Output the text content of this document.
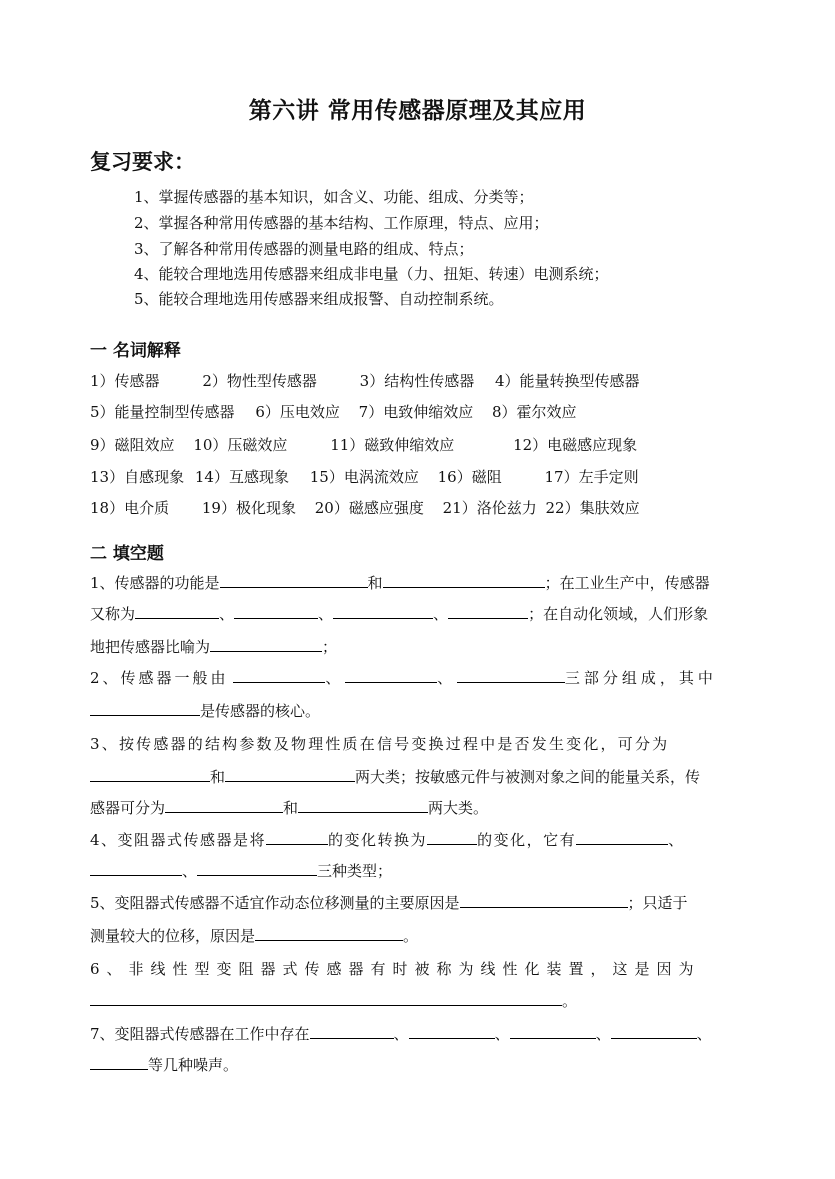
第六讲 常用传感器原理及其应用
复习要求：
1、掌握传感器的基本知识，如含义、功能、组成、分类等；
2、掌握各种常用传感器的基本结构、工作原理，特点、应用；
3、了解各种常用传感器的测量电路的组成、特点；
4、能较合理地选用传感器来组成非电量（力、扭矩、转速）电测系统；
5、能较合理地选用传感器来组成报警、自动控制系统。
一 名词解释
1）传感器	2）物性型传感器	3）结构性传感器 4）能量转换型传感器
5）能量控制型传感器 6）压电效应 7）电致伸缩效应 8）霍尔效应
9）磁阻效应 10）压磁效应	11）磁致伸缩效应	12）电磁感应现象
13）自感现象 14）互感现象 15）电涡流效应 16）磁阻	17）左手定则
18）电介质 19）极化现象 20）磁感应强度 21）洛伦兹力 22）集肤效应
二 填空题
1、传感器的功能是	和	；在工业生产中，传感器
又称为	、	、	、	；在自动化领域，人们形象
地把传感器比喻为	；
2、传感器一般由	、	、	三部分组成，其中
是传感器的核心。
3、按传感器的结构参数及物理性质在信号变换过程中是否发生变化，可分为
和	两大类；按敏感元件与被测对象之间的能量关系，传
感器可分为	和	两大类。
4、变阻器式传感器是将	的变化转换为	的变化，它有	、
、	三种类型；
5、变阻器式传感器不适宜作动态位移测量的主要原因是	；只适于
测量较大的位移，原因是	。
6、非线性型变阻器式传感器有时被称为线性化装置，这是因为
。
7、变阻器式传感器在工作中存在	、	、	、	、
等几种噪声。
